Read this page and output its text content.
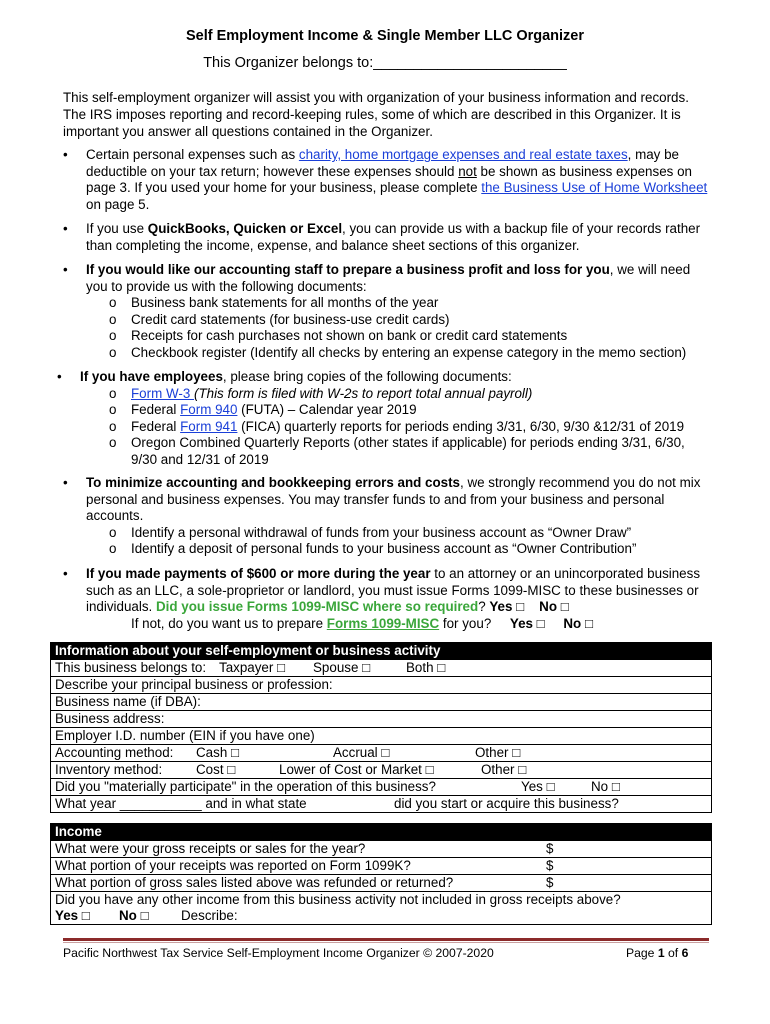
Self Employment Income & Single Member LLC Organizer
This Organizer belongs to:________________________
This self-employment organizer will assist you with organization of your business information and records. The IRS imposes reporting and record-keeping rules, some of which are described in this Organizer. It is important you answer all questions contained in the Organizer.
• Certain personal expenses such as charity, home mortgage expenses and real estate taxes, may be deductible on your tax return; however these expenses should not be shown as business expenses on page 3. If you used your home for your business, please complete the Business Use of Home Worksheet on page 5.
• If you use QuickBooks, Quicken or Excel, you can provide us with a backup file of your records rather than completing the income, expense, and balance sheet sections of this organizer.
• If you would like our accounting staff to prepare a business profit and loss for you, we will need you to provide us with the following documents:
o Business bank statements for all months of the year
o Credit card statements (for business-use credit cards)
o Receipts for cash purchases not shown on bank or credit card statements
o Checkbook register (Identify all checks by entering an expense category in the memo section)
• If you have employees, please bring copies of the following documents:
o Form W-3 (This form is filed with W-2s to report total annual payroll)
o Federal Form 940 (FUTA) – Calendar year 2019
o Federal Form 941 (FICA) quarterly reports for periods ending 3/31, 6/30, 9/30 &12/31 of 2019
o Oregon Combined Quarterly Reports (other states if applicable) for periods ending 3/31, 6/30, 9/30 and 12/31 of 2019
• To minimize accounting and bookkeeping errors and costs, we strongly recommend you do not mix personal and business expenses. You may transfer funds to and from your business and personal accounts.
o Identify a personal withdrawal of funds from your business account as “Owner Draw”
o Identify a deposit of personal funds to your business account as “Owner Contribution”
• If you made payments of $600 or more during the year to an attorney or an unincorporated business such as an LLC, a sole-proprietor or landlord, you must issue Forms 1099-MISC to these businesses or individuals. Did you issue Forms 1099-MISC where so required? Yes □ No □
If not, do you want us to prepare Forms 1099-MISC for you? Yes □ No □
Information about your self-employment or business activity
This business belongs to: Taxpayer □ Spouse □	Both □
Describe your principal business or profession:
Business name (if DBA):
Business address:
Employer I.D. number (EIN if you have one)
Accounting method: Cash □	Accrual □	Other □
Inventory method:	Cost □	Lower of Cost or Market □	Other □
Did you "materially participate" in the operation of this business?	Yes □	No □
What year ___________ and in what state	did you start or acquire this business?
Income
What were your gross receipts or sales for the year?	$
What portion of your receipts was reported on Form 1099K?	$
What portion of gross sales listed above was refunded or returned?	$
Did you have any other income from this business activity not included in gross receipts above?
Yes □ No □ Describe:
Pacific Northwest Tax Service Self-Employment Income Organizer © 2007-2020	Page 1 of 6
